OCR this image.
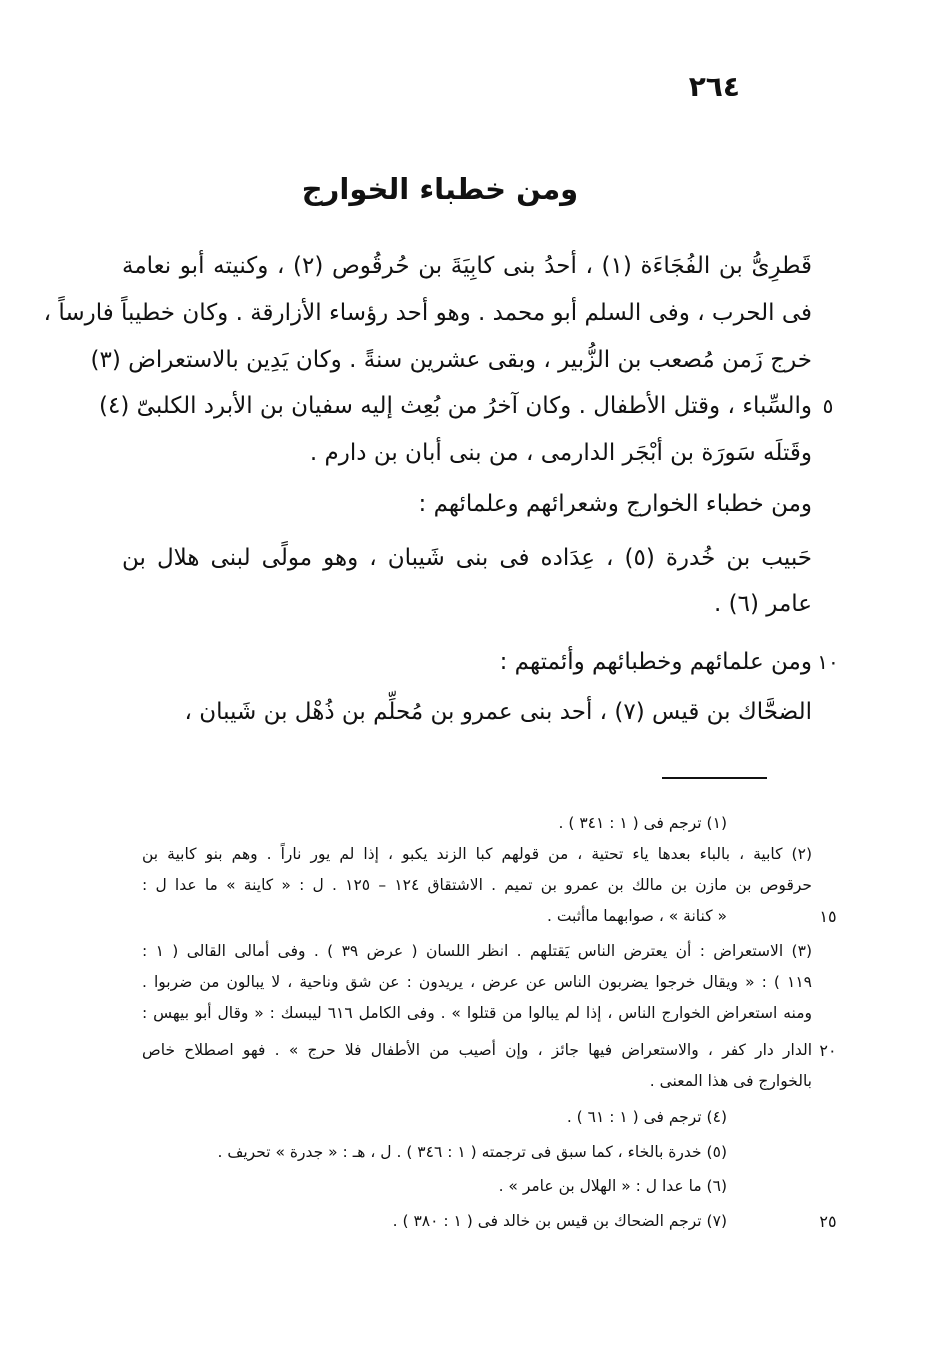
٢٦٤
ومن خطباء الخوارج
قَطرِىُّ بن الفُجَاءَة (١) ، أحدُ بنى كابِيَةَ بن حُرقُوص (٢) ، وكنيته أبو نعامة
فى الحرب ، وفى السلم أبو محمد . وهو أحد رؤساء الأزارقة . وكان خطيباً فارساً ،
خرج زَمن مُصعب بن الزُّبير ، وبقى عشرين سنةً . وكان يَدِين بالاستعراض (٣)
والسِّباء ، وقتل الأطفال . وكان آخرُ من بُعِث إليه سفيان بن الأبرد الكلبىّ (٤)
وقَتلَه سَورَة بن أبْجَر الدارمى ، من بنى أبان بن دارم .
ومن خطباء الخوارج وشعرائهم وعلمائهم :
حَبيب بن خُدرة (٥) ، عِدَاده فى بنى شَيبان ، وهو مولًى لبنى هلال بن
عامر (٦) .
ومن علمائهم وخطبائهم وأئمتهم :
الضحَّاك بن قيس (٧) ، أحد بنى عمرو بن مُحلِّم بن ذُهْل بن شَيبان ،
٥
١٠
(١) ترجم فى ( ١ : ٣٤١ ) .
(٢) كابية ، بالباء بعدها ياء تحتية ، من قولهم كبا الزند يكبو ، إذا لم يور ناراً . وهم بنو كابية بن
حرقوص بن مازن بن مالك بن عمرو بن تميم . الاشتقاق ١٢٤ – ١٢٥ . ل : « كاينة » ما عدا ل :
« كنانة » ، صوابهما ماأثبت .
(٣) الاستعراض : أن يعترض الناس يَقتلهم . انظر اللسان ( عرض ٣٩ ) . وفى أمالى القالى ( ١ :
١١٩ ) : « ويقال خرجوا يضربون الناس عن عرض ، يريدون : عن شق وناحية ، لا يبالون من ضربوا .
ومنه استعراض الخوارج الناس ، إذا لم يبالوا من قتلوا » . وفى الكامل ٦١٦ ليبسك : « وقال أبو بيهس :
الدار دار كفر ، والاستعراض فيها جائز ، وإن أصيب من الأطفال فلا حرج » . فهو اصطلاح خاص
بالخوارج فى هذا المعنى .
(٤) ترجم فى ( ١ : ٦١ ) .
(٥) خدرة بالخاء ، كما سبق فى ترجمته ( ١ : ٣٤٦ ) . ل ، هـ : « جدرة » تحريف .
(٦) ما عدا ل : « الهلال بن عامر » .
(٧) ترجم الضحاك بن قيس بن خالد فى ( ١ : ٣٨٠ ) .
١٥
٢٠
٢٥
